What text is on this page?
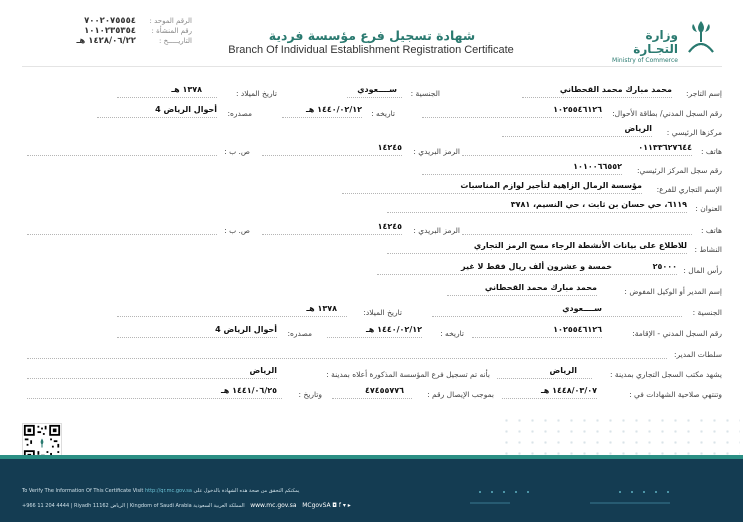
الرقم الموحد :
٧٠٠٢٠٧٥٥٥٤
رقم المنشأة :
١٠١٠٢٣٥٣٥٤
التاريـــــخ :
١٤٢٨/٠٦/٢٢ هـ	شهادة تسجيل فرع مؤسسة فردية
Branch Of Individual Establishment Registration Certificate
وزارة التجـارة
Ministry of Commerce
إسم التاجر:
محمد مبارك محمد القحطاني
الجنسية :
ســــعودي
تاريخ الميلاد :
١٣٧٨ هـ
رقم السجل المدني/ بطاقة الأحوال:
١٠٢٥٥٤٦١٢٦
تاريخه :
١٤٤٠/٠٢/١٢ هـ
مصدره:
أحوال الرياض 4
مركزها الرئيسي :
الرياض
هاتف :
٠١١٣٣٦٢٧٦٤٤
الرمز البريدي :
١٤٢٤٥
ص. ب :
رقم سجل المركز الرئيسي:
١٠١٠٠٦٦٥٥٢
الإسم التجاري للفرع:
مؤسسة الرمال الزاهية لتأجير لوازم المناسبات
العنوان :
٦١١٩، حي حسان بن ثابت ، حي النسيم، ٣٧٨١
هاتف :
الرمز البريدي :
١٤٢٤٥
ص. ب :
النشاط :
للاطلاع على بيانات الأنشطة الرجاء مسح الرمز التجاري
رأس المال :
٢٥٠٠٠
خمسة و عشرون ألف ريال فقط لا غير
إسم المدير أو الوكيل المفوض :
محمد مبارك محمد القحطاني
الجنسية :
ســــعودي
تاريخ الميلاد:
١٣٧٨ هـ
رقم السجل المدني - الإقامة:
١٠٢٥٥٤٦١٢٦
تاريخه :
١٤٤٠/٠٢/١٢ هـ
مصدره:
أحوال الرياض 4
سلطات المدير:
يشهد مكتب السجل التجاري بمدينة :
الرياض
بأنه تم تسجيل فرع المؤسسة المذكورة أعلاه بمدينة :
الرياض
وتنتهي صلاحية الشهادات في :
١٤٤٨/٠٣/٠٧ هـ
بموجب الإيصال رقم :
٤٧٤٥٥٧٧٦
وتاريخ :
١٤٤١/٠٦/٢٥ هـ
To Verify The Information Of This Certificate Visit http://qr.mc.gov.sa يمكنكم التحقق من صحة هذه الشهادة بالدخول على
+966 11 204 4444 | Riyadh 11162 الرياض | Kingdom of Saudi Arabia المملكة العربية السعودية www.mc.gov.sa MCgovSA ◘ f ▾ ▸
